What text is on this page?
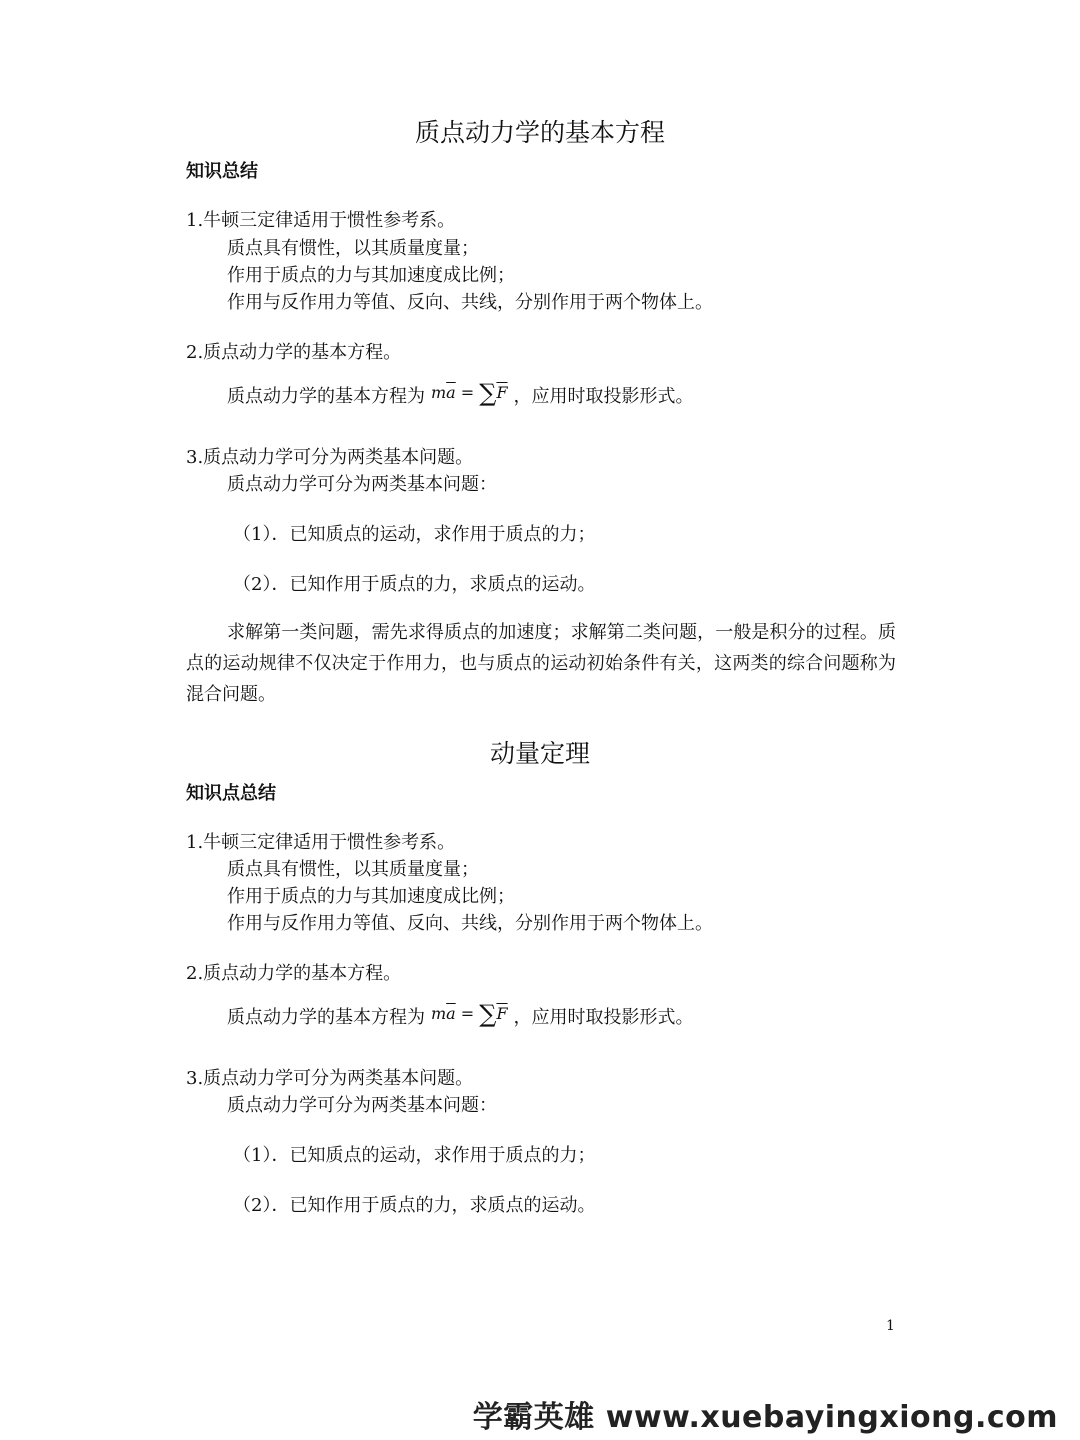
质点动力学的基本方程
知识总结
1.牛顿三定律适用于惯性参考系。
质点具有惯性，以其质量度量；
作用于质点的力与其加速度成比例；
作用与反作用力等值、反向、共线，分别作用于两个物体上。
2.质点动力学的基本方程。
质点动力学的基本方程为 $m\overline{a} = \sum\overline{F}$ ，应用时取投影形式。
3.质点动力学可分为两类基本问题。
质点动力学可分为两类基本问题：
（1）．已知质点的运动，求作用于质点的力；
（2）．已知作用于质点的力，求质点的运动。
求解第一类问题，需先求得质点的加速度；求解第二类问题，一般是积分的过程。质点的运动规律不仅决定于作用力，也与质点的运动初始条件有关，这两类的综合问题称为混合问题。
动量定理
知识点总结
1.牛顿三定律适用于惯性参考系。
质点具有惯性，以其质量度量；
作用于质点的力与其加速度成比例；
作用与反作用力等值、反向、共线，分别作用于两个物体上。
2.质点动力学的基本方程。
质点动力学的基本方程为 $m\overline{a} = \sum\overline{F}$ ，应用时取投影形式。
3.质点动力学可分为两类基本问题。
质点动力学可分为两类基本问题：
（1）．已知质点的运动，求作用于质点的力；
（2）．已知作用于质点的力，求质点的运动。
1
学霸英雄 www.xuebayingxiong.com
